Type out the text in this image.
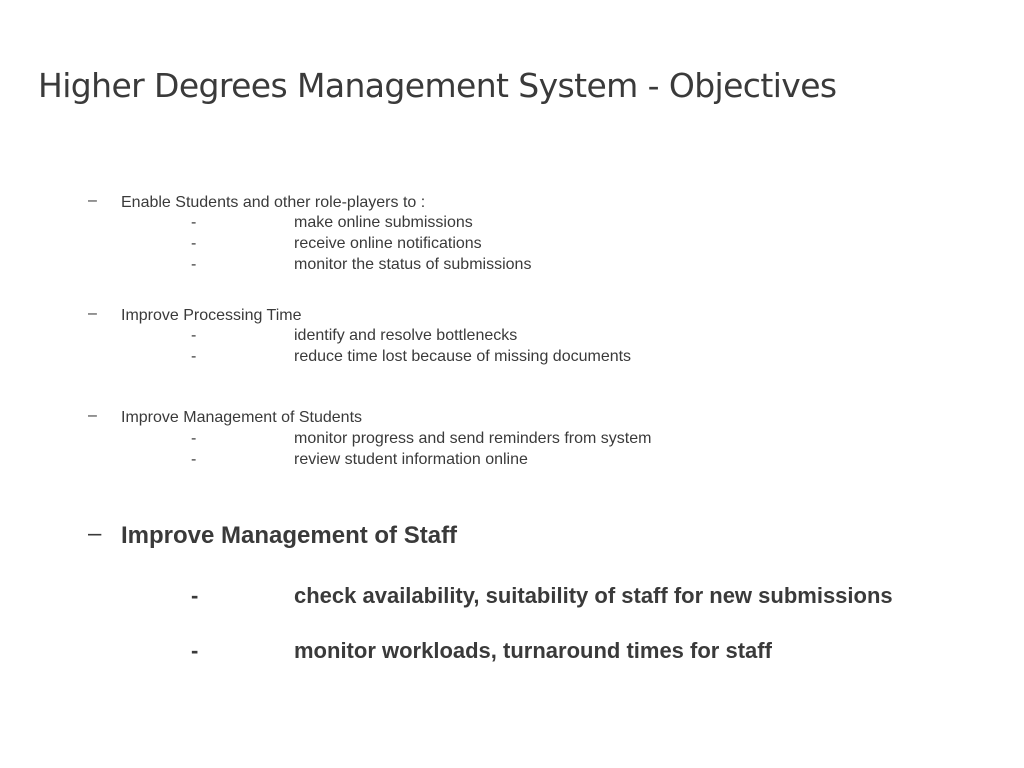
Higher Degrees Management System - Objectives
– Enable Students and other role-players to :
-	make online submissions
-	receive online notifications
-	monitor the status of submissions
– Improve Processing Time
-	identify and resolve bottlenecks
-	reduce time lost because of missing documents
– Improve Management of Students
-	monitor progress and send reminders from system
-	review student information online
– Improve Management of Staff
-	check availability, suitability of staff for new submissions
-	monitor workloads, turnaround times for staff
